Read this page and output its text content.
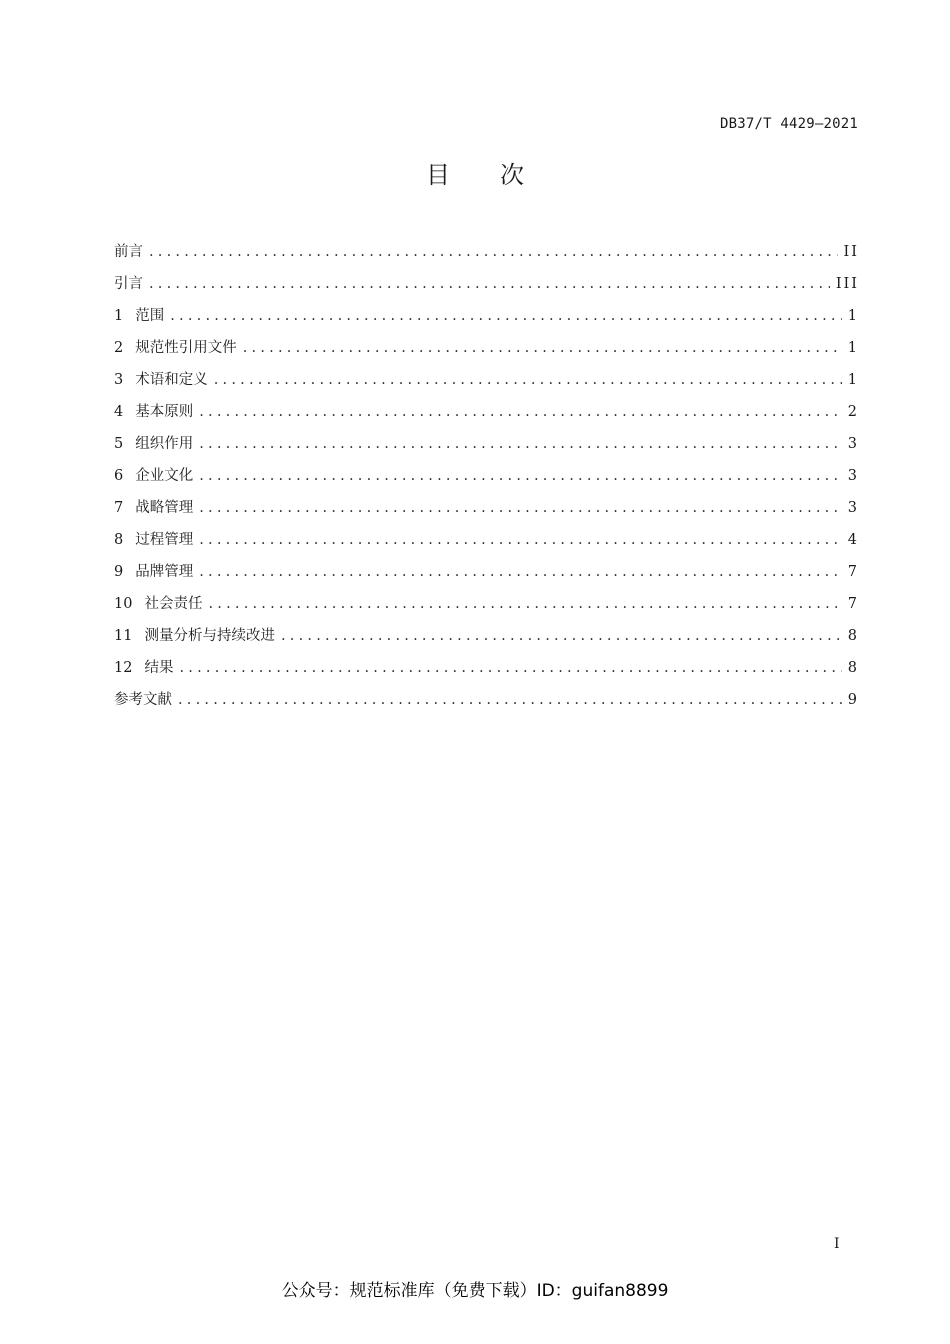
DB37/T 4429—2021
目次
前言 .....	II
引言 .....	III
1 范围 .....	1
2 规范性引用文件 .....	1
3 术语和定义 .....	1
4 基本原则 .....	2
5 组织作用 .....	3
6 企业文化 .....	3
7 战略管理 .....	3
8 过程管理 .....	4
9 品牌管理 .....	7
10 社会责任 .....	7
11 测量分析与持续改进 .....	8
12 结果 .....	8
参考文献 .....	9
I
公众号：规范标准库（免费下载）ID：guifan8899
